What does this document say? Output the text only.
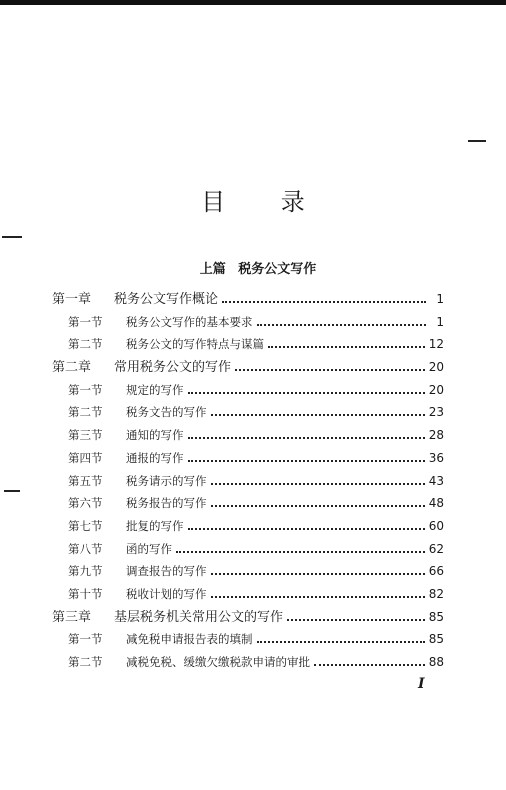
目 录
上篇 税务公文写作
第一章	税务公文写作概论	1
第一节	税务公文写作的基本要求	1
第二节	税务公文的写作特点与谋篇	12
第二章	常用税务公文的写作	20
第一节	规定的写作	20
第二节	税务文告的写作	23
第三节	通知的写作	28
第四节	通报的写作	36
第五节	税务请示的写作	43
第六节	税务报告的写作	48
第七节	批复的写作	60
第八节	函的写作	62
第九节	调查报告的写作	66
第十节	税收计划的写作	82
第三章	基层税务机关常用公文的写作	85
第一节	减免税申请报告表的填制	85
第二节	减税免税、缓缴欠缴税款申请的审批	88
I
